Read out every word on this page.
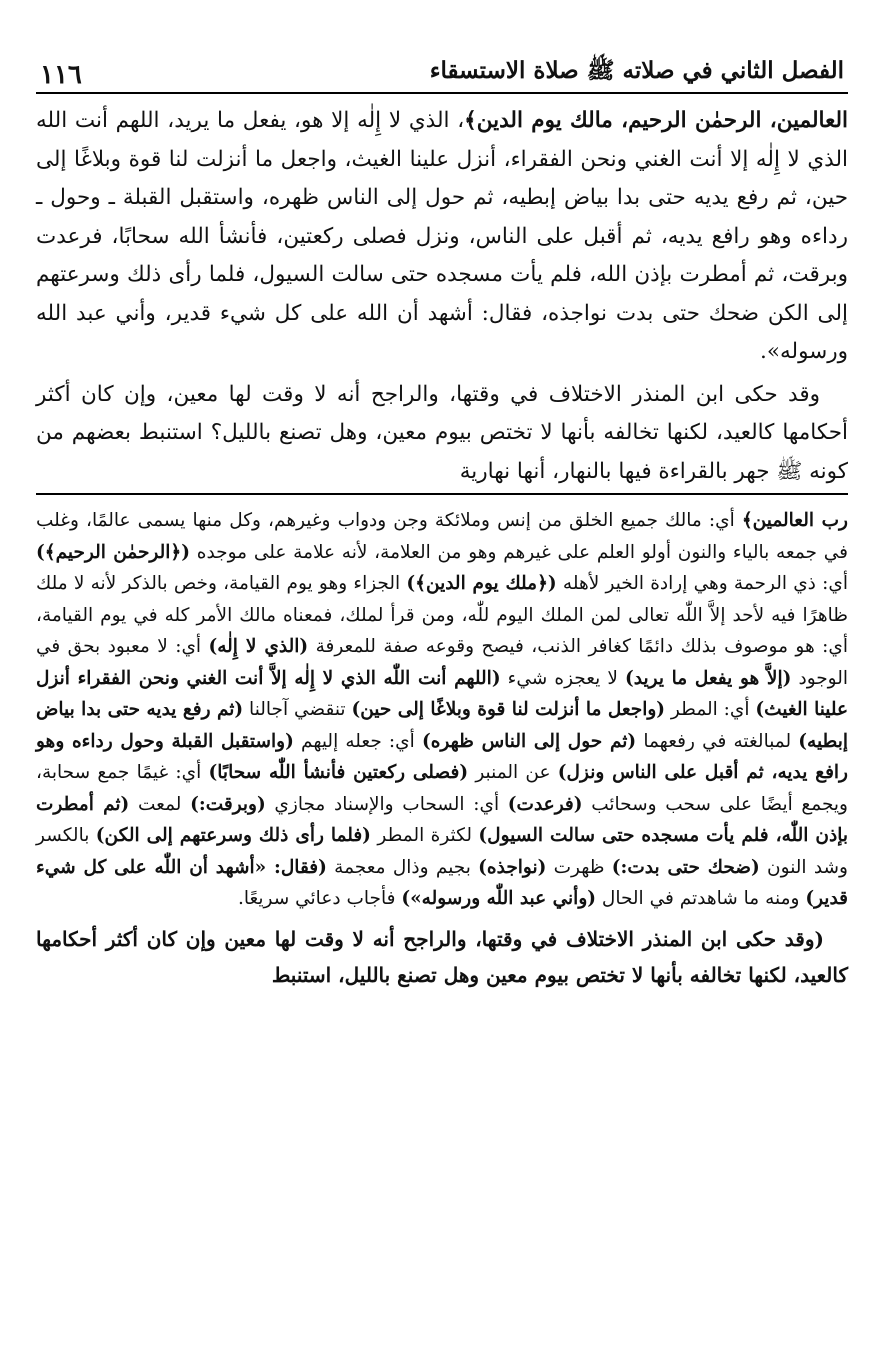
الفصل الثاني في صلاته ﷺ صلاة الاستسقاء
١١٦

العالمين، الرحمٰن الرحيم، مالك يوم الدين﴾، الذي لا إِلٰه إلا هو، يفعل ما يريد، اللهم أنت الله الذي لا إِلٰه إلا أنت الغني ونحن الفقراء، أنزل علينا الغيث، واجعل ما أنزلت لنا قوة وبلاغًا إلى حين، ثم رفع يديه حتى بدا بياض إبطيه، ثم حول إلى الناس ظهره، واستقبل القبلة ـ وحول ـ رداءه وهو رافع يديه، ثم أقبل على الناس، ونزل فصلى ركعتين، فأنشأ الله سحابًا، فرعدت وبرقت، ثم أمطرت بإذن الله، فلم يأت مسجده حتى سالت السيول، فلما رأى ذلك وسرعتهم إلى الكن ضحك حتى بدت نواجذه، فقال: أشهد أن الله على كل شيء قدير، وأني عبد الله ورسوله».

وقد حكى ابن المنذر الاختلاف في وقتها، والراجح أنه لا وقت لها معين، وإن كان أكثر أحكامها كالعيد، لكنها تخالفه بأنها لا تختص بيوم معين، وهل تصنع بالليل؟ استنبط بعضهم من كونه ﷺ جهر بالقراءة فيها بالنهار، أنها نهارية

رب العالمين﴾ أي: مالك جميع الخلق من إنس وملائكة وجن ودواب وغيرهم، وكل منها يسمى عالمًا، وغلب في جمعه بالياء والنون أولو العلم على غيرهم وهو من العلامة، لأنه علامة على موجده (﴿الرحمٰن الرحيم﴾) أي: ذي الرحمة وهي إرادة الخير لأهله (﴿ملك يوم الدين﴾) الجزاء وهو يوم القيامة، وخص بالذكر لأنه لا ملك ظاهرًا فيه لأحد إلاَّ اللّٰه تعالى لمن الملك اليوم للّٰه، ومن قرأ لملك، فمعناه مالك الأمر كله في يوم القيامة، أي: هو موصوف بذلك دائمًا كغافر الذنب، فيصح وقوعه صفة للمعرفة (الذي لا إِلٰه) أي: لا معبود بحق في الوجود (إلاَّ هو يفعل ما يريد) لا يعجزه شيء (اللهم أنت اللّٰه الذي لا إِلٰه إلاَّ أنت الغني ونحن الفقراء أنزل علينا الغيث) أي: المطر (واجعل ما أنزلت لنا قوة وبلاغًا إلى حين) تنقضي آجالنا (ثم رفع يديه حتى بدا بياض إبطيه) لمبالغته في رفعهما (ثم حول إلى الناس ظهره) أي: جعله إليهم (واستقبل القبلة وحول رداءه وهو رافع يديه، ثم أقبل على الناس ونزل) عن المنبر (فصلى ركعتين فأنشأ اللّٰه سحابًا) أي: غيمًا جمع سحابة، ويجمع أيضًا على سحب وسحائب (فرعدت) أي: السحاب والإسناد مجازي (وبرقت:) لمعت (ثم أمطرت بإذن اللّٰه، فلم يأت مسجده حتى سالت السيول) لكثرة المطر (فلما رأى ذلك وسرعتهم إلى الكن) بالكسر وشد النون (ضحك حتى بدت:) ظهرت (نواجذه) بجيم وذال معجمة (فقال: «أشهد أن اللّٰه على كل شيء قدير) ومنه ما شاهدتم في الحال (وأني عبد اللّٰه ورسوله») فأجاب دعائي سريعًا.

(وقد حكى ابن المنذر الاختلاف في وقتها، والراجح أنه لا وقت لها معين وإن كان أكثر أحكامها كالعيد، لكنها تخالفه بأنها لا تختص بيوم معين وهل تصنع بالليل، استنبط
